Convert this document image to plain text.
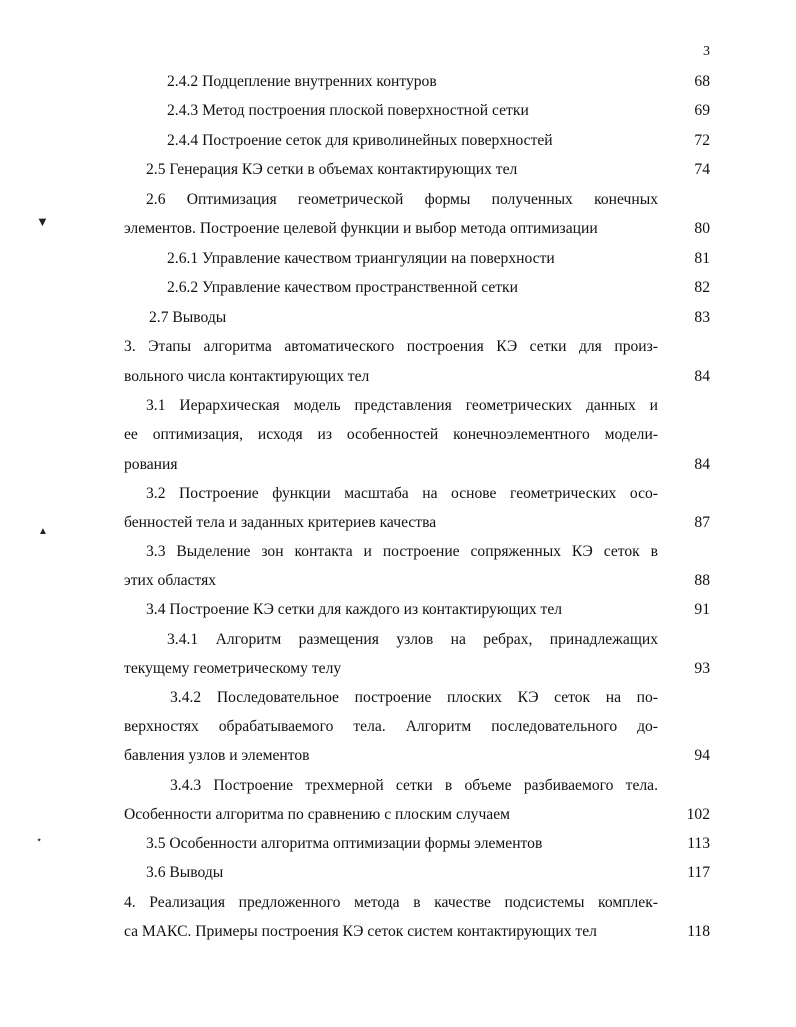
3
2.4.2 Подцепление внутренних контуров	68
2.4.3 Метод построения плоской поверхностной сетки	69
2.4.4 Построение сеток для криволинейных поверхностей	72
2.5 Генерация КЭ сетки в объемах контактирующих тел	74
2.6 Оптимизация геометрической формы полученных конечных
элементов. Построение целевой функции и выбор метода оптимизации	80
2.6.1 Управление качеством триангуляции на поверхности	81
2.6.2 Управление качеством пространственной сетки	82
2.7 Выводы	83
3. Этапы алгоритма автоматического построения КЭ сетки для произ-
вольного числа контактирующих тел	84
3.1 Иерархическая модель представления геометрических данных и
ее оптимизация, исходя из особенностей конечноэлементного модели-
рования	84
3.2 Построение функции масштаба на основе геометрических осо-
бенностей тела и заданных критериев качества	87
3.3 Выделение зон контакта и построение сопряженных КЭ сеток в
этих областях	88
3.4 Построение КЭ сетки для каждого из контактирующих тел	91
3.4.1 Алгоритм размещения узлов на ребрах, принадлежащих
текущему геометрическому телу	93
3.4.2 Последовательное построение плоских КЭ сеток на по-
верхностях обрабатываемого тела. Алгоритм последовательного до-
бавления узлов и элементов	94
3.4.3 Построение трехмерной сетки в объеме разбиваемого тела.
Особенности алгоритма по сравнению с плоским случаем	102
3.5 Особенности алгоритма оптимизации формы элементов	113
3.6 Выводы	117
4. Реализация предложенного метода в качестве подсистемы комплек-
са МАКС. Примеры построения КЭ сеток систем контактирующих тел	118
▼
▲
⋆
